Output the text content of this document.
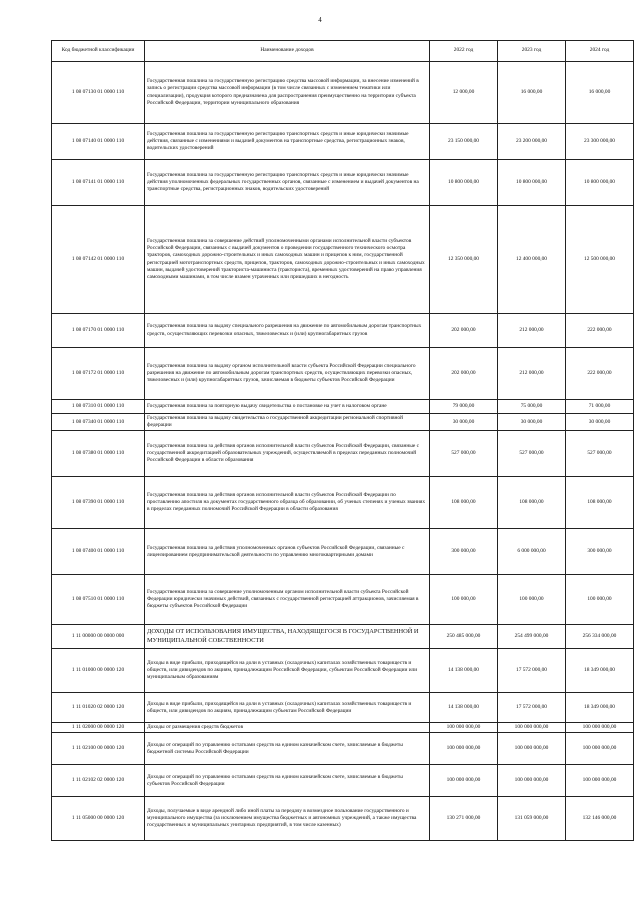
4
Код бюджетной классификации	Наименование доходов	2022 год	2023 год	2024 год
1 08 07130 01 0000 110	Государственная пошлина за государственную регистрацию средства массовой информации, за внесение изменений в запись о регистрации средства массовой информации (в том числе связанных с изменением тематики или специализации), продукция которого предназначена для распространения преимущественно на территории субъекта Российской Федерации, территории муниципального образования	12 000,00	16 000,00	16 000,00
1 08 07140 01 0000 110	Государственная пошлина за государственную регистрацию транспортных средств и иные юридически значимые действия, связанные с изменениями и выдачей документов на транспортные средства, регистрационных знаков, водительских удостоверений	23 150 000,00	23 200 000,00	23 300 000,00
1 08 07141 01 0000 110	Государственная пошлина за государственную регистрацию транспортных средств и иные юридически значимые действия уполномоченных федеральных государственных органов, связанные с изменением и выдачей документов на транспортные средства, регистрационных знаков, водительских удостоверений	10 800 000,00	10 800 000,00	10 800 000,00
1 08 07142 01 0000 110	Государственная пошлина за совершение действий уполномоченными органами исполнительной власти субъектов Российской Федерации, связанных с выдачей документов о проведении государственного технического осмотра тракторов, самоходных дорожно-строительных и иных самоходных машин и прицепов к ним, государственной регистрацией мототранспортных средств, прицепов, тракторов, самоходных дорожно-строительных и иных самоходных машин, выдачей удостоверений тракториста-машиниста (тракториста), временных удостоверений на право управления самоходными машинами, в том числе взамен утраченных или пришедших в негодность	12 350 000,00	12 400 000,00	12 500 000,00
1 08 07170 01 0000 110	Государственная пошлина за выдачу специального разрешения на движение по автомобильным дорогам транспортных средств, осуществляющих перевозки опасных, тяжеловесных и (или) крупногабаритных грузов	202 000,00	212 000,00	222 000,00
1 08 07172 01 0000 110	Государственная пошлина за выдачу органом исполнительной власти субъекта Российской Федерации специального разрешения на движение по автомобильным дорогам транспортных средств, осуществляющих перевозки опасных, тяжеловесных и (или) крупногабаритных грузов, зачисляемая в бюджеты субъектов Российской Федерации	202 000,00	212 000,00	222 000,00
1 08 07310 01 0000 110	Государственная пошлина за повторную выдачу свидетельства о постановке на учет в налоговом органе	79 000,00	75 000,00	71 000,00
1 08 07340 01 0000 110	Государственная пошлина за выдачу свидетельства о государственной аккредитации региональной спортивной федерации	30 000,00	30 000,00	30 000,00
1 08 07380 01 0000 110	Государственная пошлина за действия органов исполнительной власти субъектов Российской Федерации, связанные с государственной аккредитацией образовательных учреждений, осуществляемой в пределах переданных полномочий Российской Федерации в области образования	527 000,00	527 000,00	527 000,00
1 08 07390 01 0000 110	Государственная пошлина за действия органов исполнительной власти субъектов Российской Федерации по проставлению апостиля на документах государственного образца об образовании, об ученых степенях и ученых званиях в пределах переданных полномочий Российской Федерации в области образования	108 000,00	108 000,00	108 000,00
1 08 07400 01 0000 110	Государственная пошлина за действия уполномоченных органов субъектов Российской Федерации, связанные с лицензированием предпринимательской деятельности по управлению многоквартирными домами	300 000,00	6 000 000,00	300 000,00
1 08 07510 01 0000 110	Государственная пошлина за совершение уполномоченным органом исполнительной власти субъекта Российской Федерации юридически значимых действий, связанных с государственной регистрацией аттракционов, зачисляемая в бюджеты субъектов Российской Федерации	100 000,00	100 000,00	100 000,00
1 11 00000 00 0000 000	ДОХОДЫ ОТ ИСПОЛЬЗОВАНИЯ ИМУЩЕСТВА, НАХОДЯЩЕГОСЯ В ГОСУДАРСТВЕННОЙ И МУНИЦИПАЛЬНОЙ СОБСТВЕННОСТИ	250 485 000,00	254 499 000,00	256 334 000,00
1 11 01000 00 0000 120	Доходы в виде прибыли, приходящейся на доли в уставных (складочных) капиталах хозяйственных товариществ и обществ, или дивидендов по акциям, принадлежащим Российской Федерации, субъектам Российской Федерации или муниципальным образованиям	14 138 000,00	17 572 000,00	18 349 000,00
1 11 01020 02 0000 120	Доходы в виде прибыли, приходящейся на доли в уставных (складочных) капиталах хозяйственных товариществ и обществ, или дивидендов по акциям, принадлежащим субъектам Российской Федерации	14 138 000,00	17 572 000,00	18 349 000,00
1 11 02000 00 0000 120	Доходы от размещения средств бюджетов	100 000 000,00	100 000 000,00	100 000 000,00
1 11 02100 00 0000 120	Доходы от операций по управлению остатками средств на едином казначейском счете, зачисляемые в бюджеты бюджетной системы Российской Федерации	100 000 000,00	100 000 000,00	100 000 000,00
1 11 02102 02 0000 120	Доходы от операций по управлению остатками средств на едином казначейском счете, зачисляемые в бюджеты субъектов Российской Федерации	100 000 000,00	100 000 000,00	100 000 000,00
1 11 05000 00 0000 120	Доходы, получаемые в виде арендной либо иной платы за передачу в возмездное пользование государственного и муниципального имущества (за исключением имущества бюджетных и автономных учреждений, а также имущества государственных и муниципальных унитарных предприятий, в том числе казенных)	130 271 000,00	131 059 000,00	132 146 000,00
